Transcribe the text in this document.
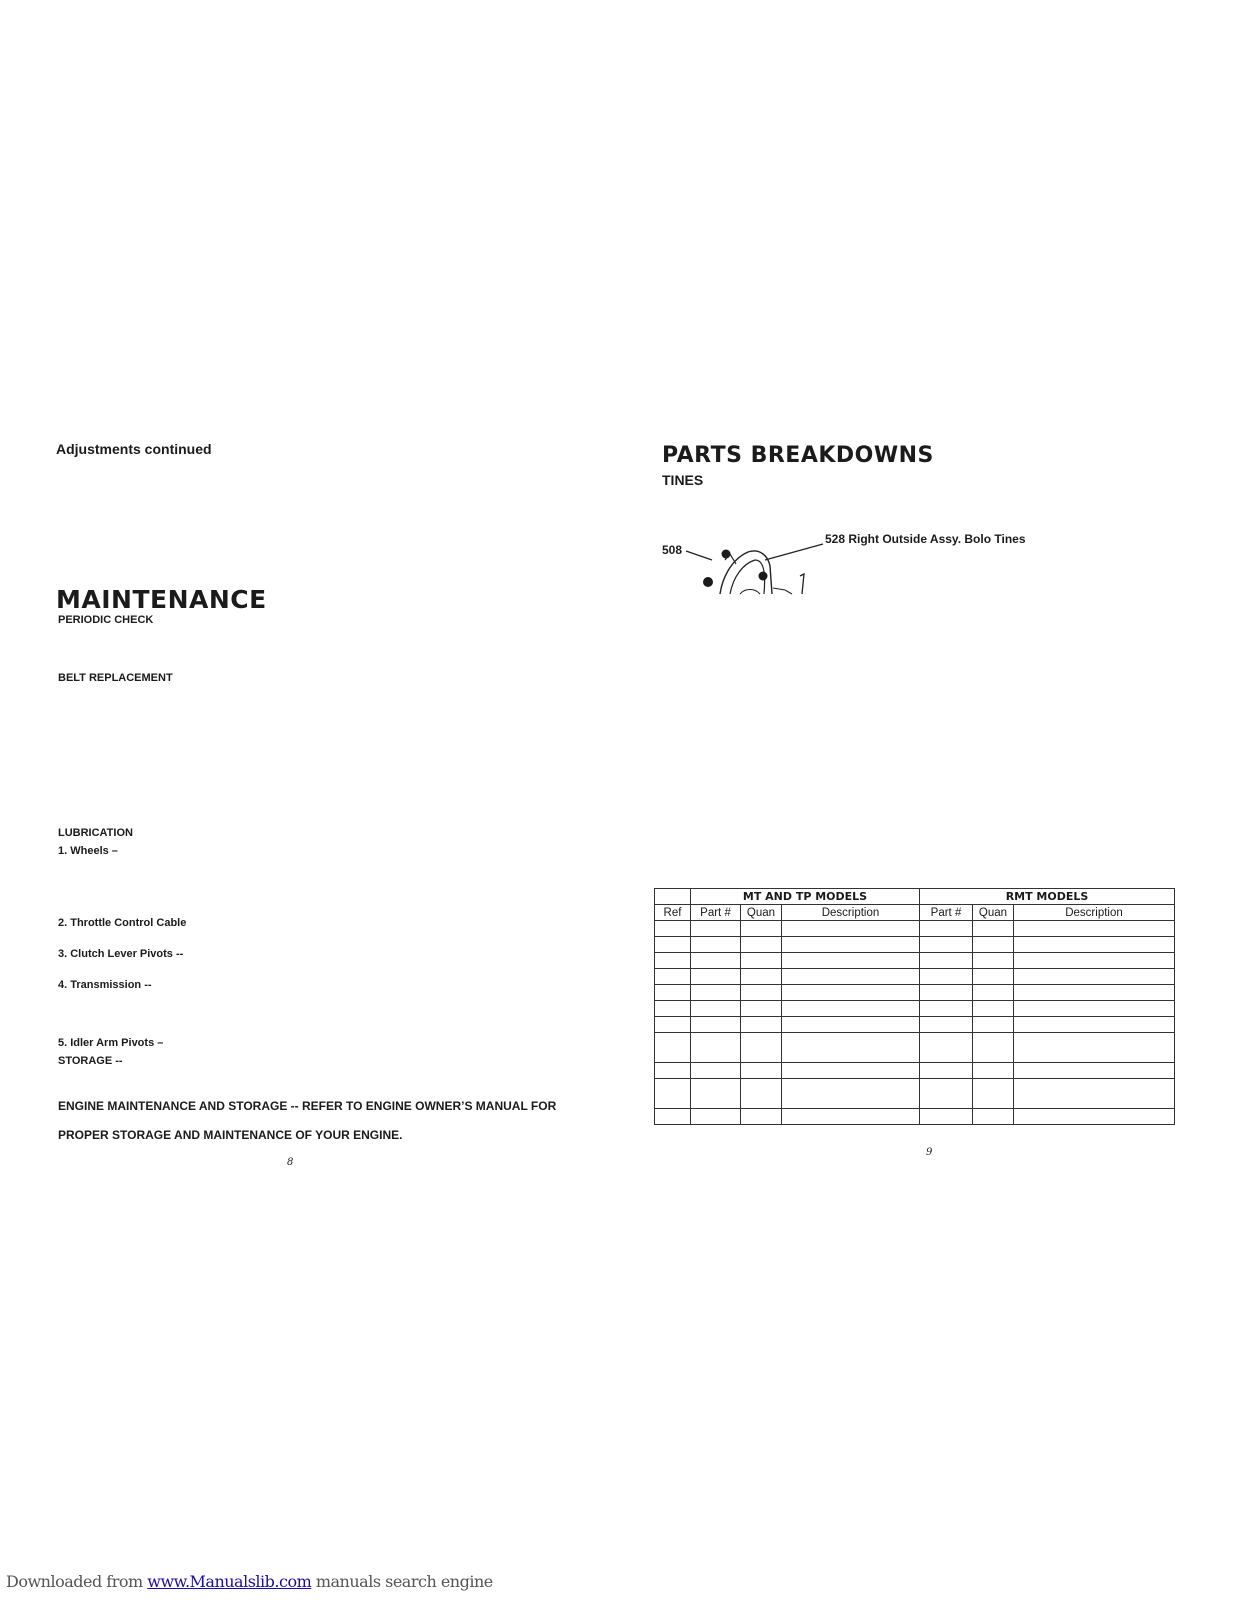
Adjustments continued
MAINTENANCE
PERIODIC CHECK
BELT REPLACEMENT
LUBRICATION
1. Wheels –
2. Throttle Control Cable
3. Clutch Lever Pivots --
4. Transmission --
5. Idler Arm Pivots –
STORAGE --
ENGINE MAINTENANCE AND STORAGE -- REFER TO ENGINE OWNER’S MANUAL FOR
PROPER STORAGE AND MAINTENANCE OF YOUR ENGINE.
8
PARTS BREAKDOWNS
TINES
508
528 Right Outside Assy. Bolo Tines
	MT AND TP MODELS			RMT MODELS		
Ref	Part #	Quan	Description	Part #	Quan	Description

9
Downloaded from www.Manualslib.com manuals search engine
